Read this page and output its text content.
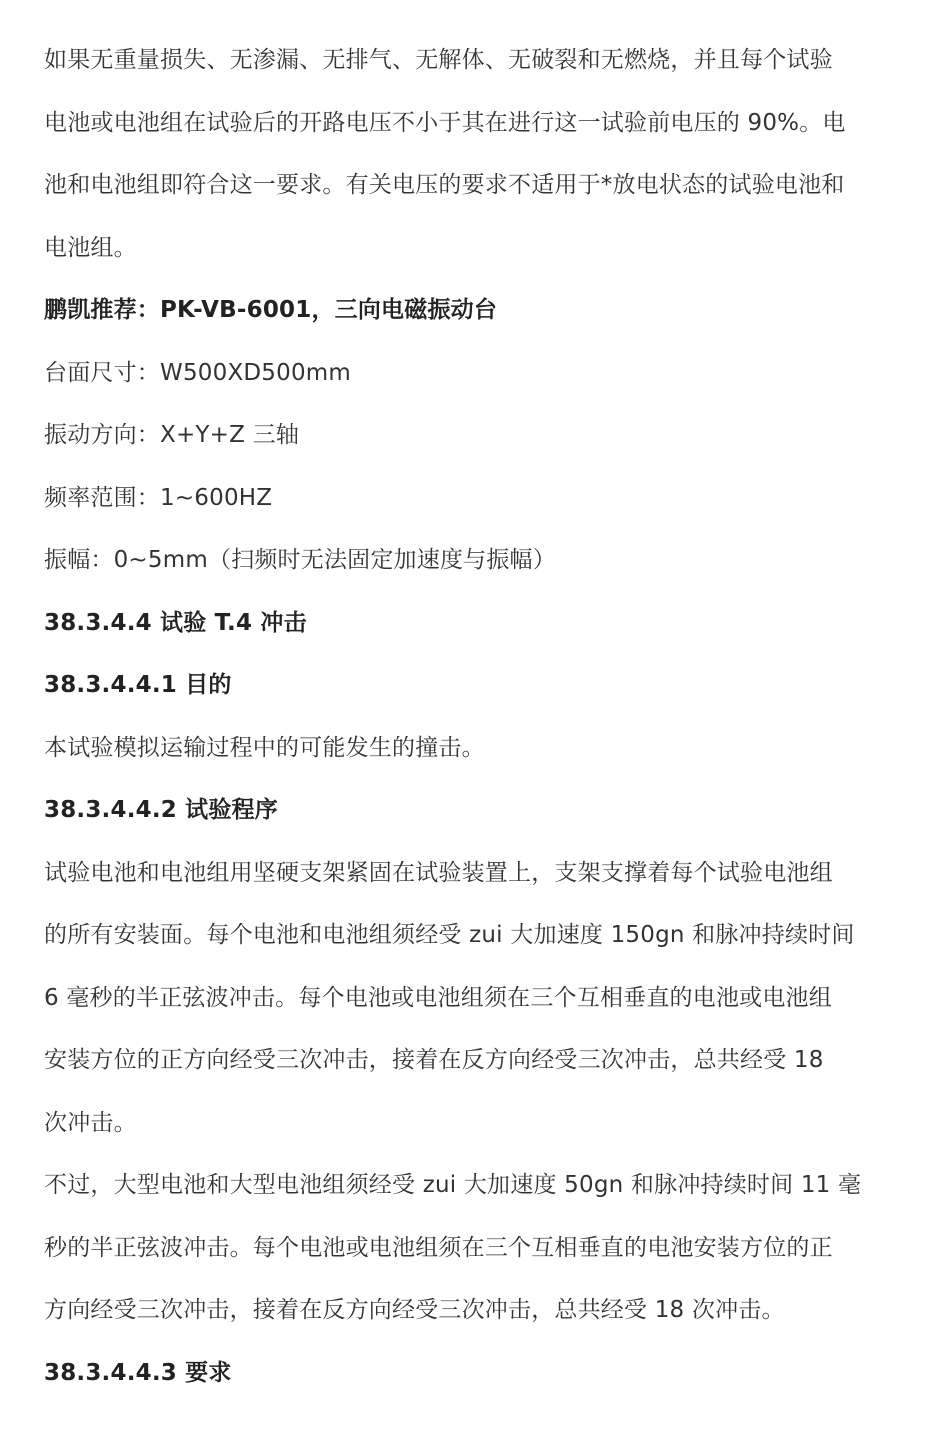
如果无重量损失、无渗漏、无排气、无解体、无破裂和无燃烧，并且每个试验
电池或电池组在试验后的开路电压不小于其在进行这一试验前电压的 90%。电
池和电池组即符合这一要求。有关电压的要求不适用于*放电状态的试验电池和
电池组。
鹏凯推荐：PK-VB-6001，三向电磁振动台
台面尺寸：W500XD500mm
振动方向：X+Y+Z 三轴
频率范围：1~600HZ
振幅：0~5mm（扫频时无法固定加速度与振幅）
38.3.4.4 试验 T.4 冲击
38.3.4.4.1 目的
本试验模拟运输过程中的可能发生的撞击。
38.3.4.4.2 试验程序
试验电池和电池组用坚硬支架紧固在试验装置上，支架支撑着每个试验电池组
的所有安装面。每个电池和电池组须经受 zui 大加速度 150gn 和脉冲持续时间
6 毫秒的半正弦波冲击。每个电池或电池组须在三个互相垂直的电池或电池组
安装方位的正方向经受三次冲击，接着在反方向经受三次冲击，总共经受 18
次冲击。
不过，大型电池和大型电池组须经受 zui 大加速度 50gn 和脉冲持续时间 11 毫
秒的半正弦波冲击。每个电池或电池组须在三个互相垂直的电池安装方位的正
方向经受三次冲击，接着在反方向经受三次冲击，总共经受 18 次冲击。
38.3.4.4.3 要求
